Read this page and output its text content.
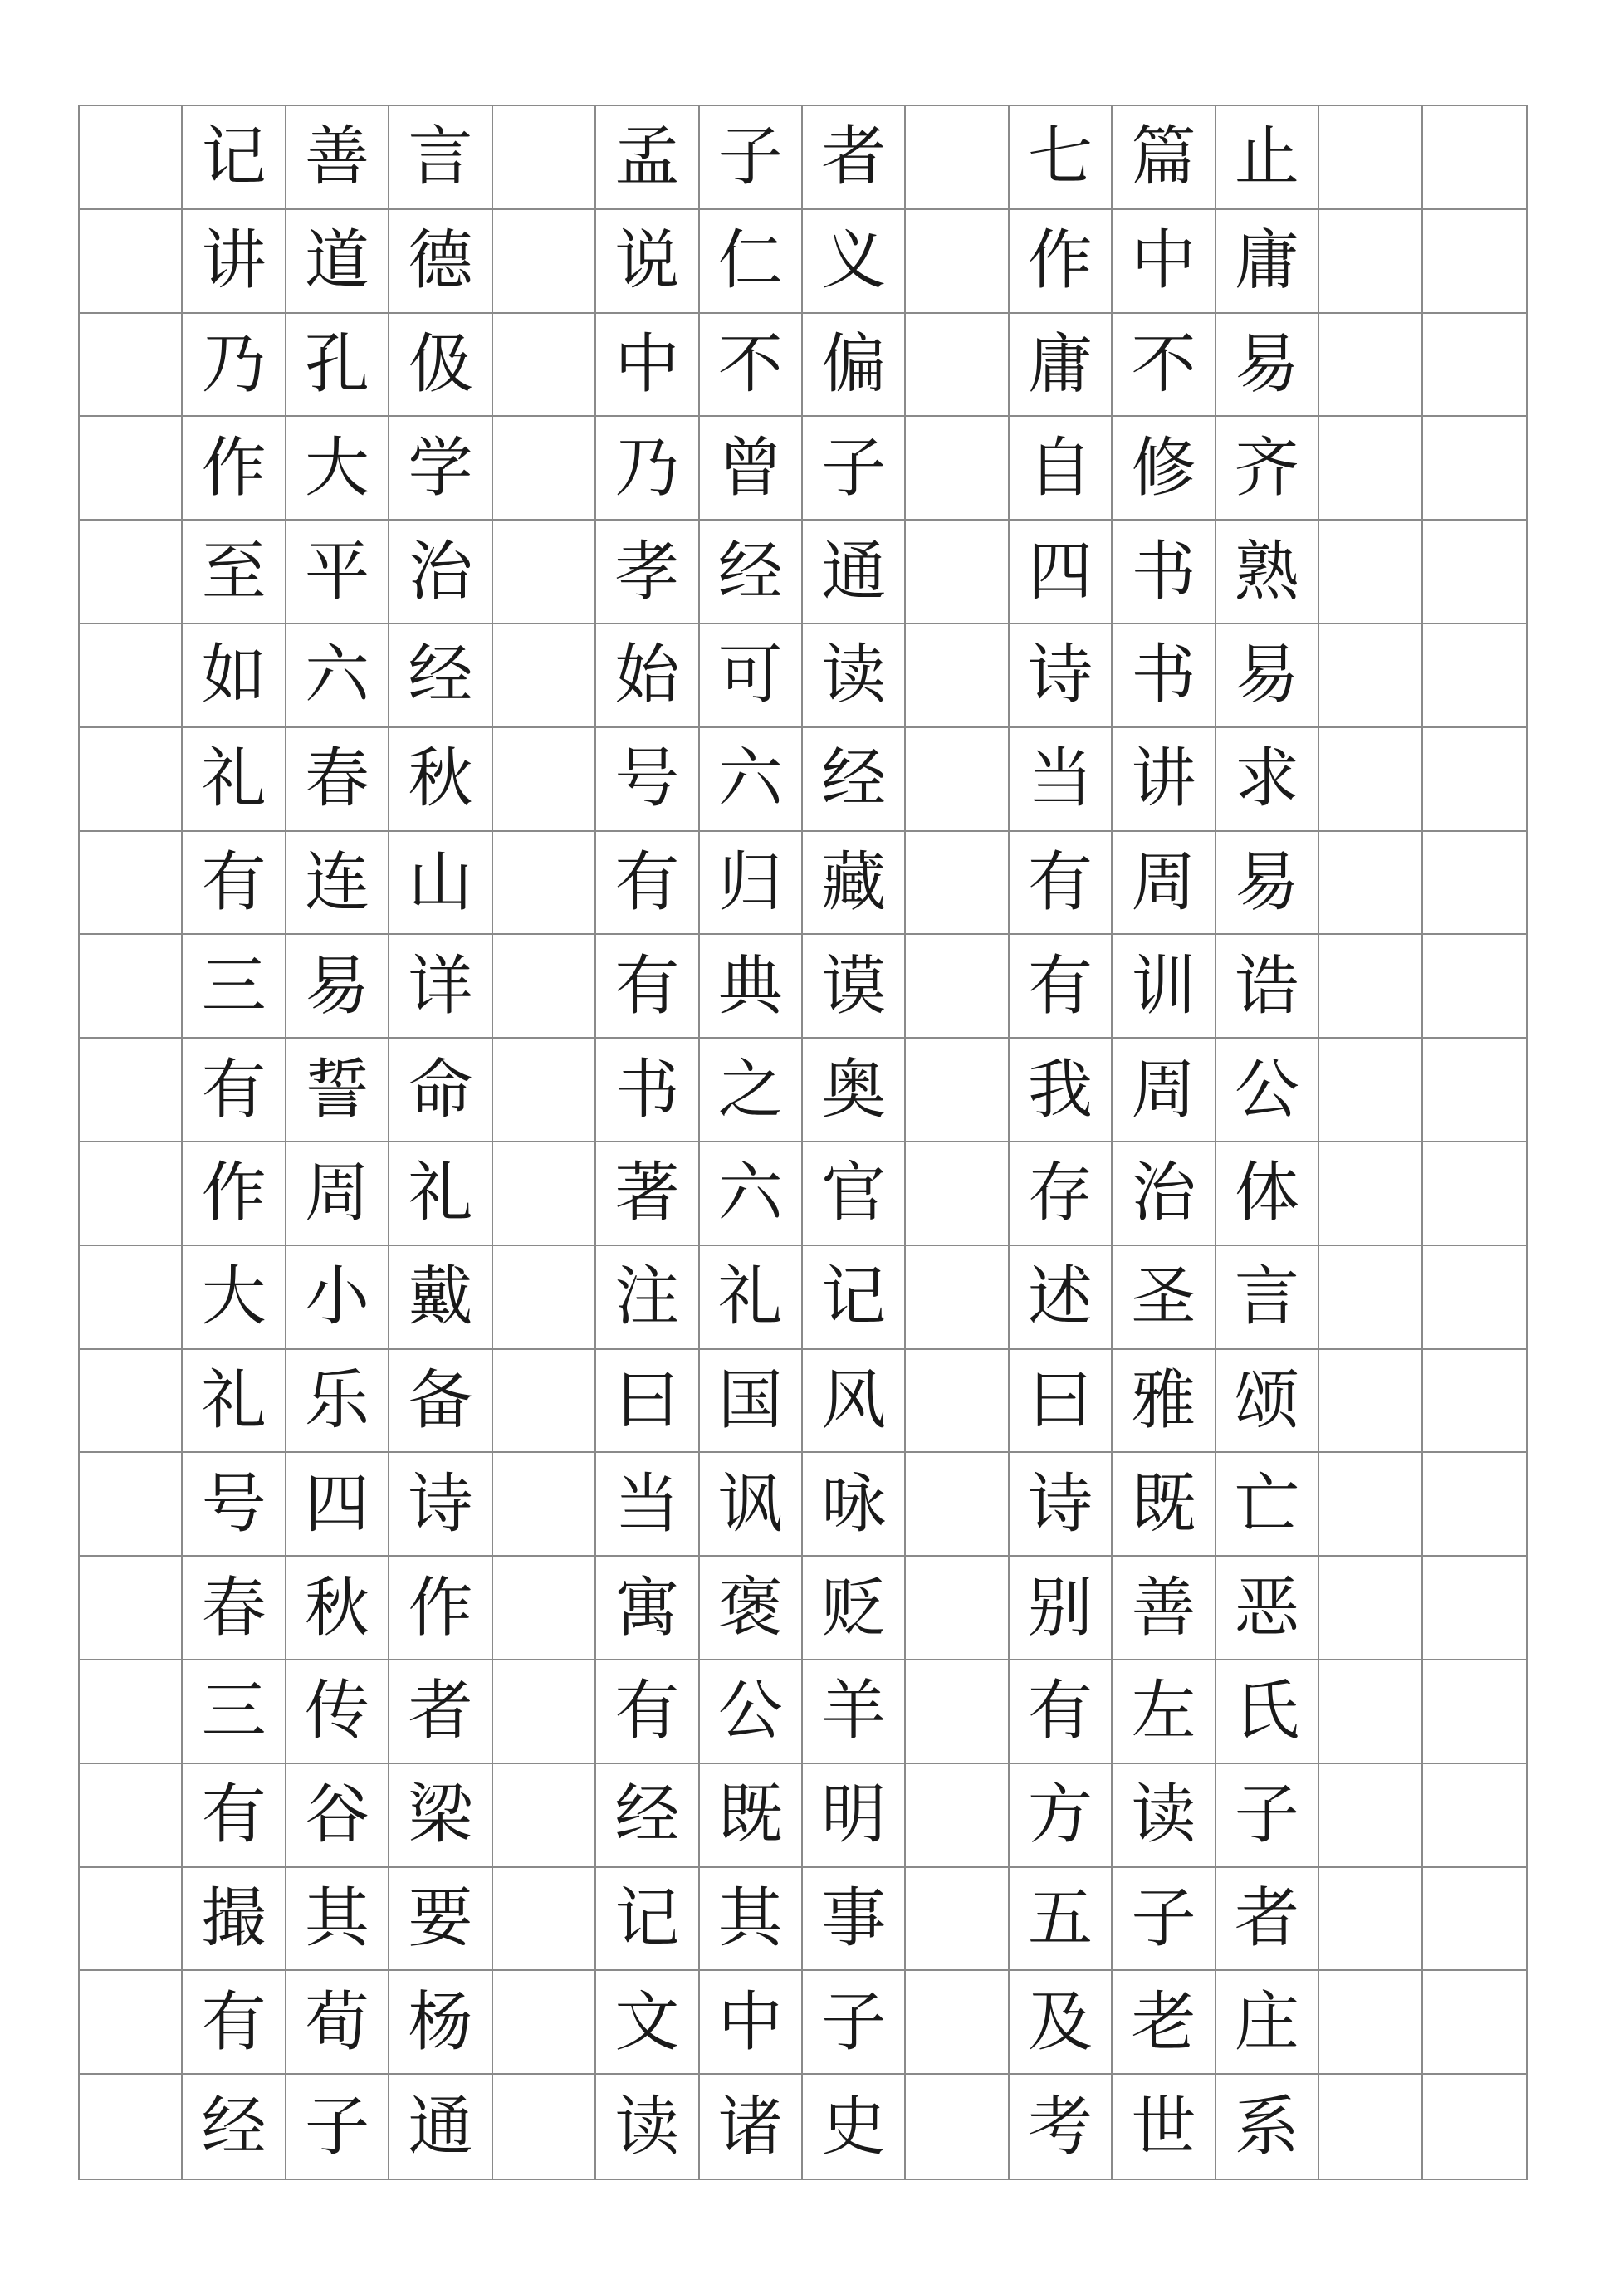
记 善 言	孟 子 者	七 篇 止
讲 道 德	说 仁 义	作 中 庸
乃 孔 伋	中 不 偏	庸 不 易
作 大 学	乃 曾 子	自 修 齐
至 平 治	孝 经 通	四 书 熟
如 六 经	始 可 读	诗 书 易
礼 春 秋	号 六 经	当 讲 求
有 连 山	有 归 藏	有 周 易
三 易 详	有 典 谟	有 训 诰
有 誓 命	书 之 奥	我 周 公
作 周 礼	著 六 官	存 治 体
大 小 戴	注 礼 记	述 圣 言
礼 乐 备	曰 国 风	曰 雅 颂
号 四 诗	当 讽 咏	诗 既 亡
春 秋 作	寓 褒 贬	别 善 恶
三 传 者	有 公 羊	有 左 氏
有 谷 梁	经 既 明	方 读 子
撮 其 要	记 其 事	五 子 者
有 荀 杨	文 中 子	及 老 庄
经 子 通	读 诸 史	考 世 系
